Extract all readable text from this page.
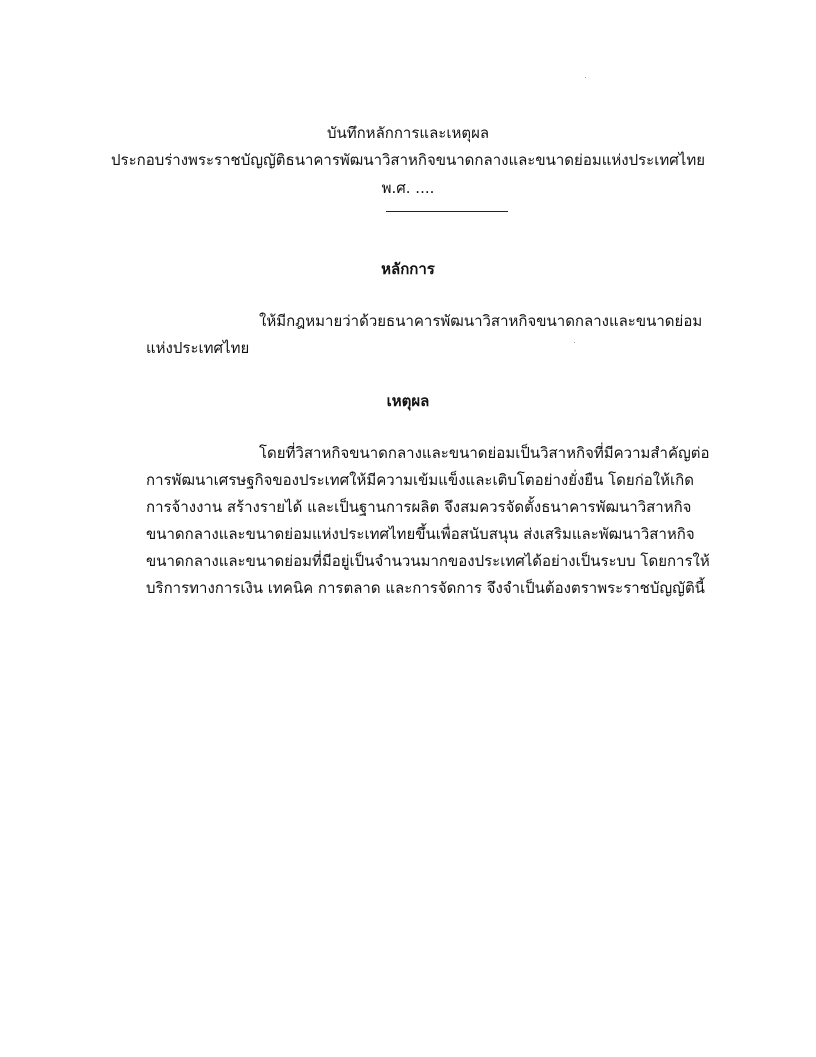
บันทึกหลักการและเหตุผล
ประกอบร่างพระราชบัญญัติธนาคารพัฒนาวิสาหกิจขนาดกลางและขนาดย่อมแห่งประเทศไทย
พ.ศ. ....
หลักการ
ให้มีกฎหมายว่าด้วยธนาคารพัฒนาวิสาหกิจขนาดกลางและขนาดย่อม
แห่งประเทศไทย
เหตุผล
โดยที่วิสาหกิจขนาดกลางและขนาดย่อมเป็นวิสาหกิจที่มีความสำคัญต่อ
การพัฒนาเศรษฐกิจของประเทศให้มีความเข้มแข็งและเติบโตอย่างยั่งยืน โดยก่อให้เกิด
การจ้างงาน สร้างรายได้ และเป็นฐานการผลิต จึงสมควรจัดตั้งธนาคารพัฒนาวิสาหกิจ
ขนาดกลางและขนาดย่อมแห่งประเทศไทยขึ้นเพื่อสนับสนุน ส่งเสริมและพัฒนาวิสาหกิจ
ขนาดกลางและขนาดย่อมที่มีอยู่เป็นจำนวนมากของประเทศได้อย่างเป็นระบบ โดยการให้
บริการทางการเงิน เทคนิค การตลาด และการจัดการ จึงจำเป็นต้องตราพระราชบัญญัตินี้
